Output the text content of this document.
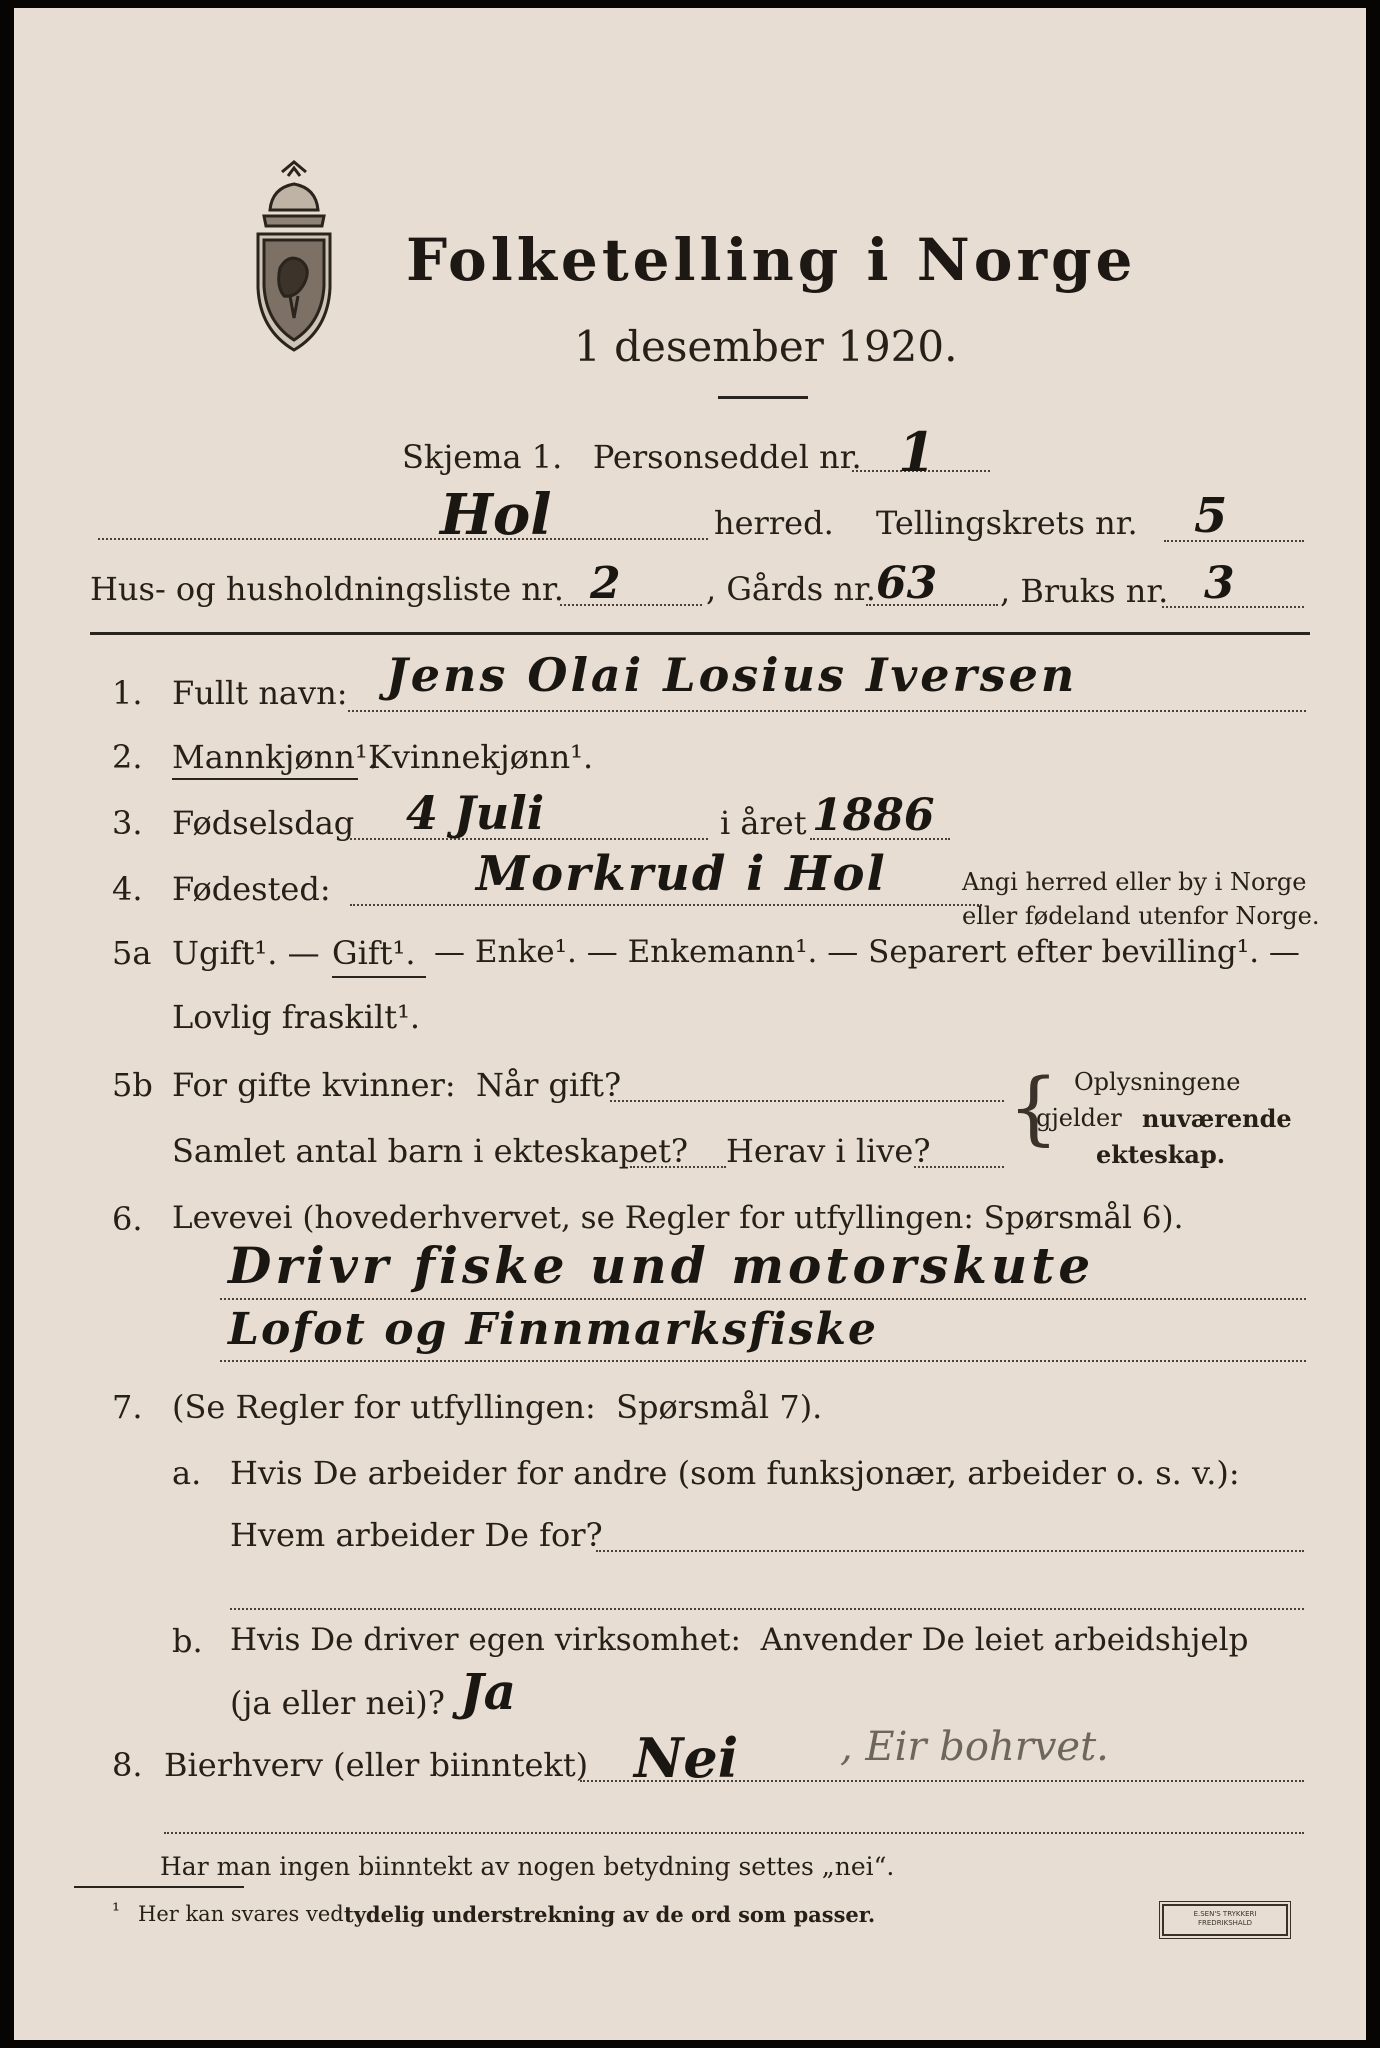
Folketelling i Norge
1 desember 1920.
Skjema 1.   Personseddel nr. 1
Hol	herred. Tellingskrets nr. 5
Hus- og husholdningsliste nr. 2	, Gårds nr. 63 , Bruks nr. 3
1. Fullt navn: Jens Olai Losius Iversen
2. Mannkjønn¹.
Kvinnekjønn¹.
3. Fødselsdag 4 Juli	i året 1886
4. Fødested:	Morkrud i Hol	Angi herred eller by i Norge
eller fødeland utenfor Norge.
5a Ugift¹. — Gift¹. — Enke¹. — Enkemann¹. — Separert efter bevilling¹. —
Lovlig fraskilt¹.
5b For gifte kvinner:  Når gift?
Samlet antal barn i ekteskapet? Herav i live? { Oplysningene
gjelder nuværende
ekteskap.
6. Levevei (hovederhvervet, se Regler for utfyllingen: Spørsmål 6).
Drivr fiske und motorskute
Lofot og Finnmarksfiske
7. (Se Regler for utfyllingen:  Spørsmål 7).
a. Hvis De arbeider for andre (som funksjonær, arbeider o. s. v.):
Hvem arbeider De for?
b. Hvis De driver egen virksomhet:  Anvender De leiet arbeidshjelp
(ja eller nei)? Ja
8. Bierhverv (eller biinntekt) Nei	, Eir bohrvet.
Har man ingen biinntekt av nogen betydning settes „nei“.
¹ Her kan svares ved tydelig understrekning av de ord som passer.	E.SEN'S TRYKKERI
FREDRIKSHALD
